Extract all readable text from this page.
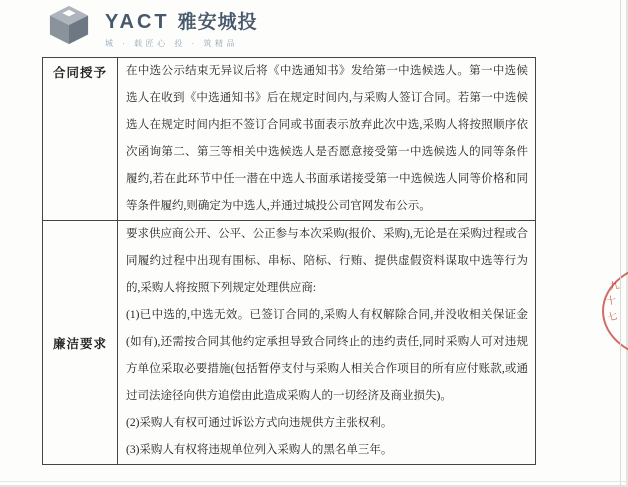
YACT 雅安城投
城 · 载匠心 投 · 筑精品
合同授予	在中选公示结束无异议后将《中选通知书》发给第一中选候选人。第一中选候选人在收到《中选通知书》后在规定时间内,与采购人签订合同。若第一中选候选人在规定时间内拒不签订合同或书面表示放弃此次中选,采购人将按照顺序依次函询第二、第三等相关中选候选人是否愿意接受第一中选候选人的同等条件履约,若在此环节中任一潜在中选人书面承诺接受第一中选候选人同等价格和同等条件履约,则确定为中选人,并通过城投公司官网发布公示。

廉洁要求	要求供应商公开、公平、公正参与本次采购(报价、采购),无论是在采购过程或合同履约过程中出现有围标、串标、陪标、行贿、提供虚假资料谋取中选等行为的,采购人将按照下列规定处理供应商:

(1)已中选的,中选无效。已签订合同的,采购人有权解除合同,并没收相关保证金(如有),还需按合同其他约定承担导致合同终止的违约责任,同时采购人可对违规方单位采取必要措施(包括暂停支付与采购人相关合作项目的所有应付账款,或通过司法途径向供方追偿由此造成采购人的一切经济及商业损失)。

(2)采购人有权可通过诉讼方式向违规供方主张权利。

(3)采购人有权将违规单位列入采购人的黑名单三年。

九
十
七
